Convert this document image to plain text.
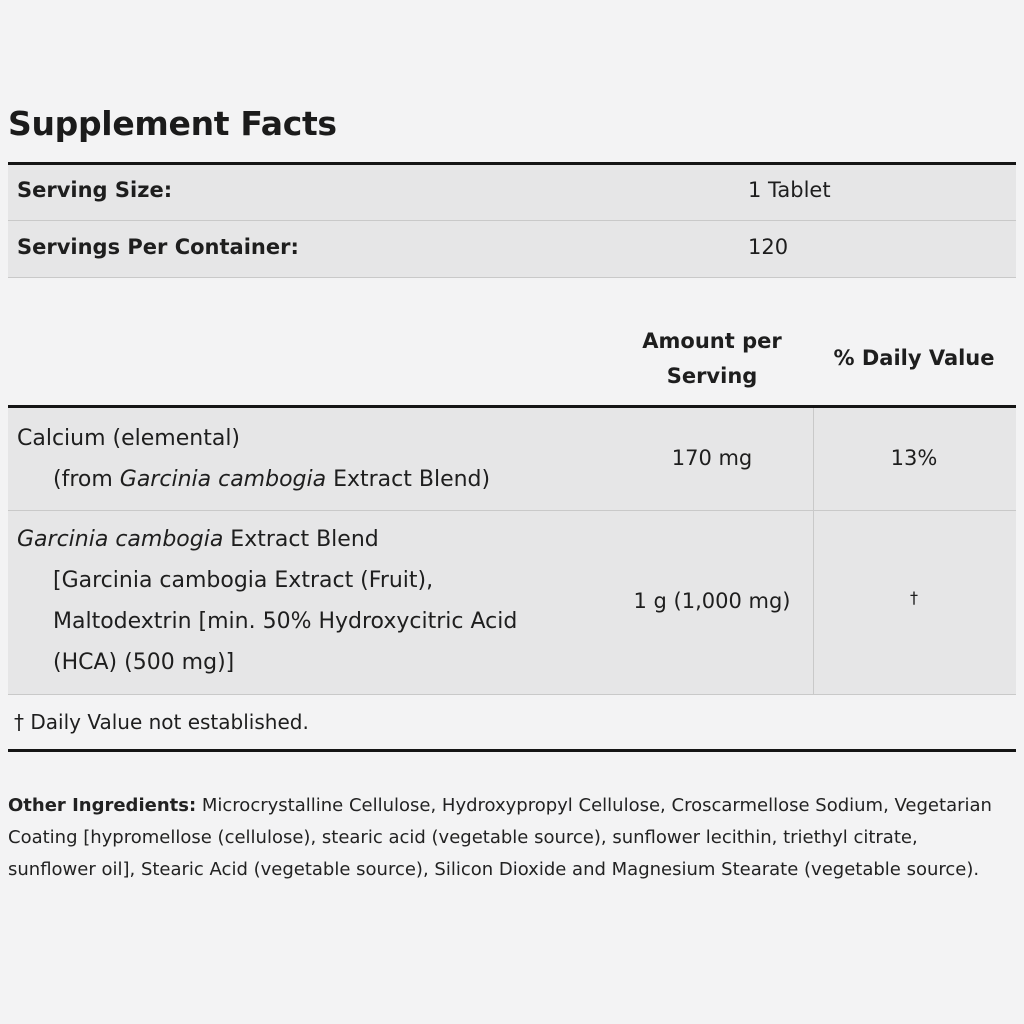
Supplement Facts
Serving Size:	1 Tablet
Servings Per Container:	120
Amount per
Serving
% Daily Value
Calcium (elemental)
(from Garcinia cambogia Extract Blend)
170 mg	13%
Garcinia cambogia Extract Blend
[Garcinia cambogia Extract (Fruit),
Maltodextrin [min. 50% Hydroxycitric Acid
(HCA) (500 mg)]
1 g (1,000 mg)	†
† Daily Value not established.
Other Ingredients: Microcrystalline Cellulose, Hydroxypropyl Cellulose, Croscarmellose Sodium, Vegetarian Coating [hypromellose (cellulose), stearic acid (vegetable source), sunflower lecithin, triethyl citrate, sunflower oil], Stearic Acid (vegetable source), Silicon Dioxide and Magnesium Stearate (vegetable source).
